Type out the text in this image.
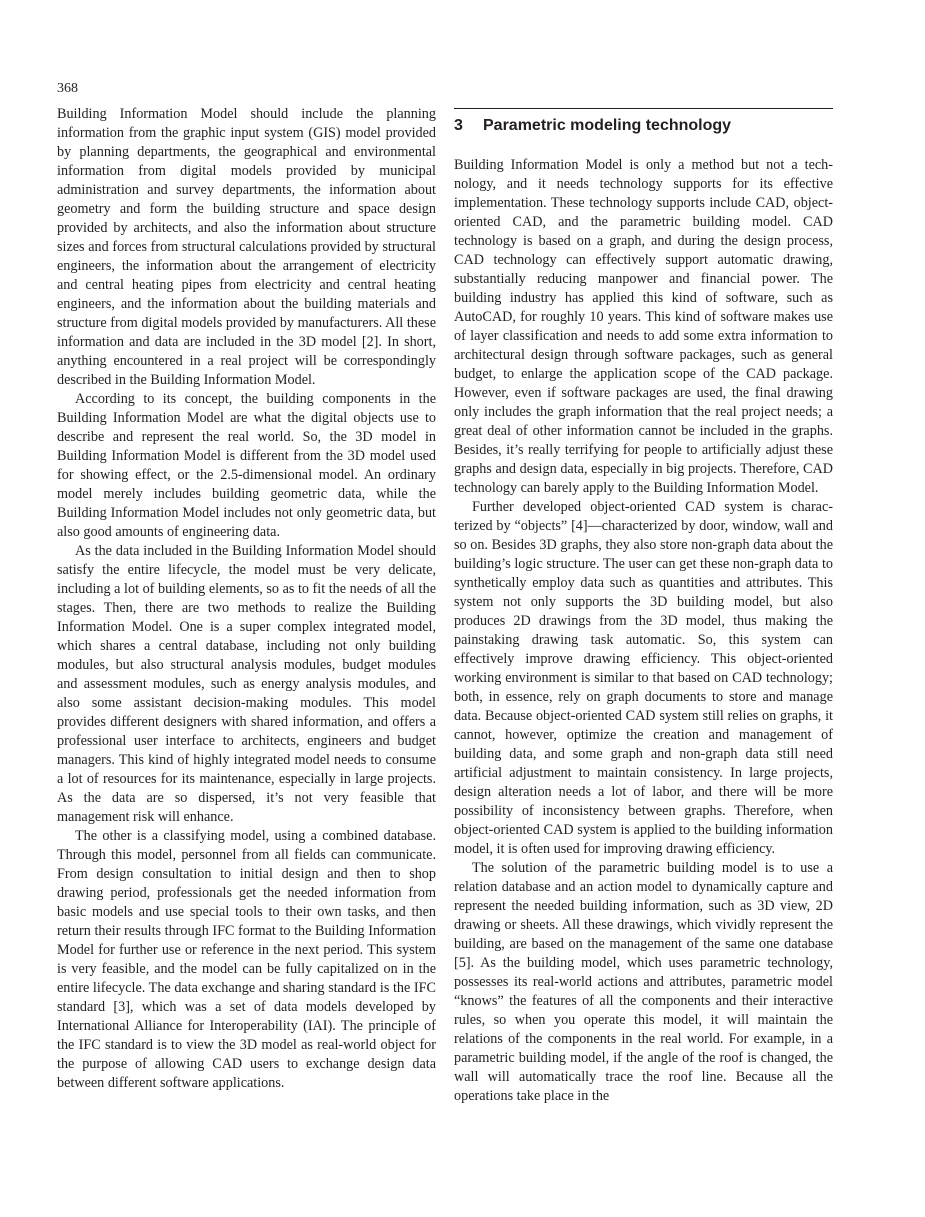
368

Building Information Model should include the planning information from the graphic input system (GIS) model provided by planning departments, the geographical and environmental information from digital models provided by municipal administration and survey departments, the information about geometry and form the building structure and space design provided by architects, and also the information about structure sizes and forces from structural calculations provided by structural engineers, the information about the arrangement of electricity and central heating pipes from electricity and central heating engineers, and the information about the building materials and structure from digital models provided by manufacturers. All these information and data are included in the 3D model [2]. In short, anything encountered in a real project will be correspondingly described in the Building Information Model.

According to its concept, the building components in the Building Information Model are what the digital objects use to describe and represent the real world. So, the 3D model in Building Information Model is different from the 3D model used for showing effect, or the 2.5-dimensional model. An ordinary model merely includes building geometric data, while the Building Information Model includes not only geometric data, but also good amounts of engineering data.

As the data included in the Building Information Model should satisfy the entire lifecycle, the model must be very delicate, including a lot of building elements, so as to fit the needs of all the stages. Then, there are two methods to realize the Building Information Model. One is a super complex integrated model, which shares a central database, including not only building modules, but also structural analysis modules, budget modules and assessment modules, such as energy analysis modules, and also some assistant decision-making modules. This model provides different designers with shared information, and offers a professional user interface to architects, engineers and budget managers. This kind of highly integrated model needs to consume a lot of resources for its maintenance, especially in large projects. As the data are so dispersed, it’s not very feasible that management risk will enhance.

The other is a classifying model, using a combined database. Through this model, personnel from all fields can communicate. From design consultation to initial design and then to shop drawing period, professionals get the needed information from basic models and use special tools to their own tasks, and then return their results through IFC format to the Building Information Model for further use or reference in the next period. This system is very feasible, and the model can be fully capitalized on in the entire lifecycle. The data exchange and sharing standard is the IFC standard [3], which was a set of data models developed by International Alliance for Interoperability (IAI). The principle of the IFC standard is to view the 3D model as real-world object for the purpose of allowing CAD users to exchange design data between different software applications.

3 Parametric modeling technology

Building Information Model is only a method but not a technology, and it needs technology supports for its effective implementation. These technology supports include CAD, object-oriented CAD, and the parametric building model. CAD technology is based on a graph, and during the design process, CAD technology can effectively support automatic drawing, substantially reducing manpower and financial power. The building industry has applied this kind of software, such as AutoCAD, for roughly 10 years. This kind of software makes use of layer classification and needs to add some extra information to architectural design through software packages, such as general budget, to enlarge the application scope of the CAD package. However, even if software packages are used, the final drawing only includes the graph information that the real project needs; a great deal of other information cannot be included in the graphs. Besides, it’s really terrifying for people to artificially adjust these graphs and design data, especially in big projects. Therefore, CAD technology can barely apply to the Building Information Model.

Further developed object-oriented CAD system is characterized by “objects” [4]—characterized by door, window, wall and so on. Besides 3D graphs, they also store non-graph data about the building’s logic structure. The user can get these non-graph data to synthetically employ data such as quantities and attributes. This system not only supports the 3D building model, but also produces 2D drawings from the 3D model, thus making the painstaking drawing task automatic. So, this system can effectively improve drawing efficiency. This object-oriented working environment is similar to that based on CAD technology; both, in essence, rely on graph documents to store and manage data. Because object-oriented CAD system still relies on graphs, it cannot, however, optimize the creation and management of building data, and some graph and non-graph data still need artificial adjustment to maintain consistency. In large projects, design alteration needs a lot of labor, and there will be more possibility of inconsistency between graphs. Therefore, when object-oriented CAD system is applied to the building information model, it is often used for improving drawing efficiency.

The solution of the parametric building model is to use a relation database and an action model to dynamically capture and represent the needed building information, such as 3D view, 2D drawing or sheets. All these drawings, which vividly represent the building, are based on the management of the same one database [5]. As the building model, which uses parametric technology, possesses its real-world actions and attributes, parametric model “knows” the features of all the components and their interactive rules, so when you operate this model, it will maintain the relations of the components in the real world. For example, in a parametric building model, if the angle of the roof is changed, the wall will automatically trace the roof line. Because all the operations take place in the
